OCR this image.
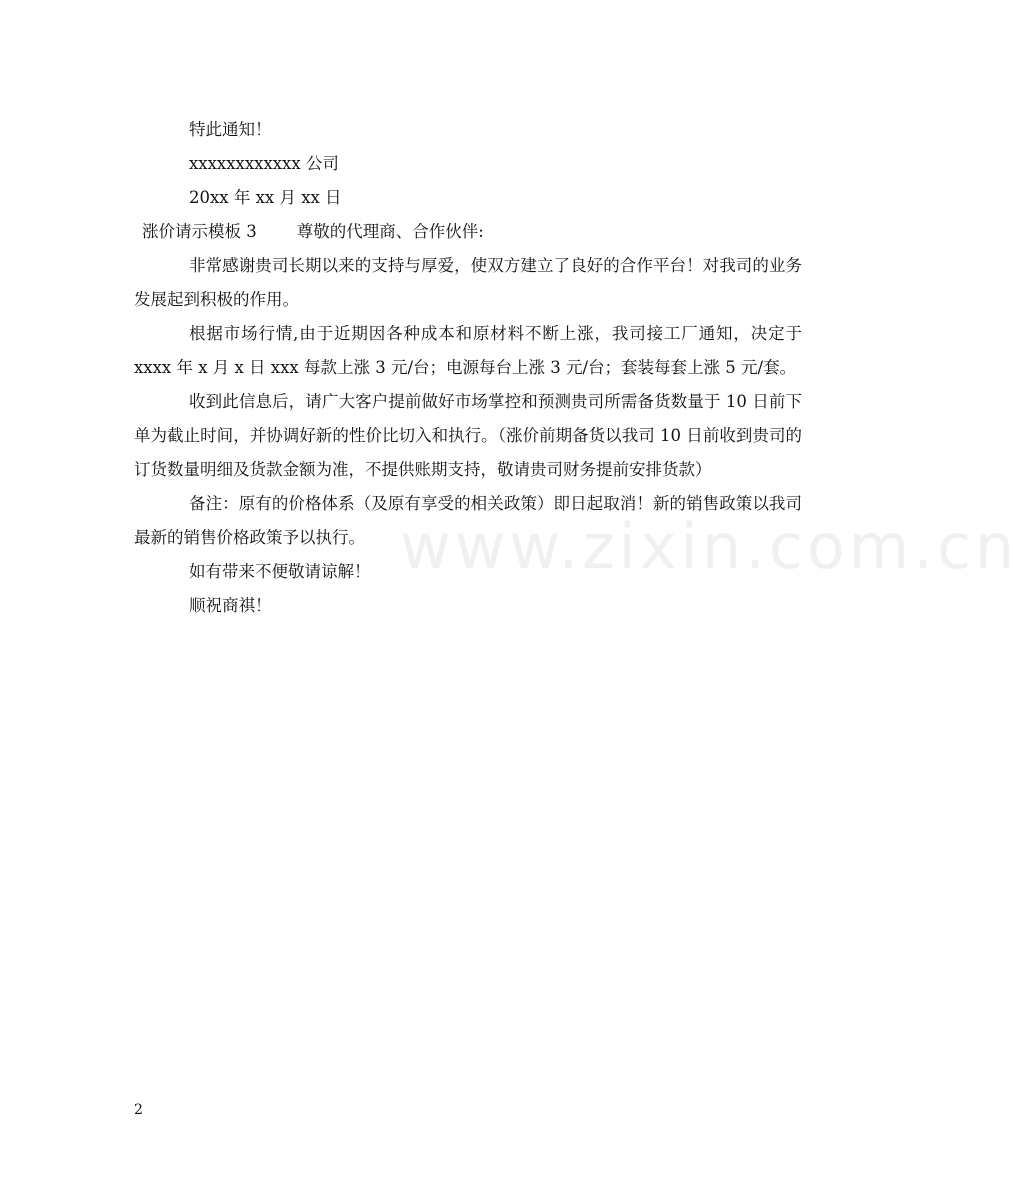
特此通知！
xxxxxxxxxxxx 公司
20xx 年 xx 月 xx 日
涨价请示模板 3 尊敬的代理商、合作伙伴:

非常感谢贵司长期以来的支持与厚爱，使双方建立了良好的合作平台！对我司的业务发展起到积极的作用。

根据市场行情,由于近期因各种成本和原材料不断上涨，我司接工厂通知，决定于 xxxx 年 x 月 x 日 xxx 每款上涨 3 元/台；电源每台上涨 3 元/台；套装每套上涨 5 元/套。

收到此信息后，请广大客户提前做好市场掌控和预测贵司所需备货数量于 10 日前下单为截止时间，并协调好新的性价比切入和执行。（涨价前期备货以我司 10 日前收到贵司的订货数量明细及货款金额为准，不提供账期支持，敬请贵司财务提前安排货款）

备注：原有的价格体系（及原有享受的相关政策）即日起取消！新的销售政策以我司最新的销售价格政策予以执行。

如有带来不便敬请谅解！

顺祝商祺！

www.zixin.com.cn
2
